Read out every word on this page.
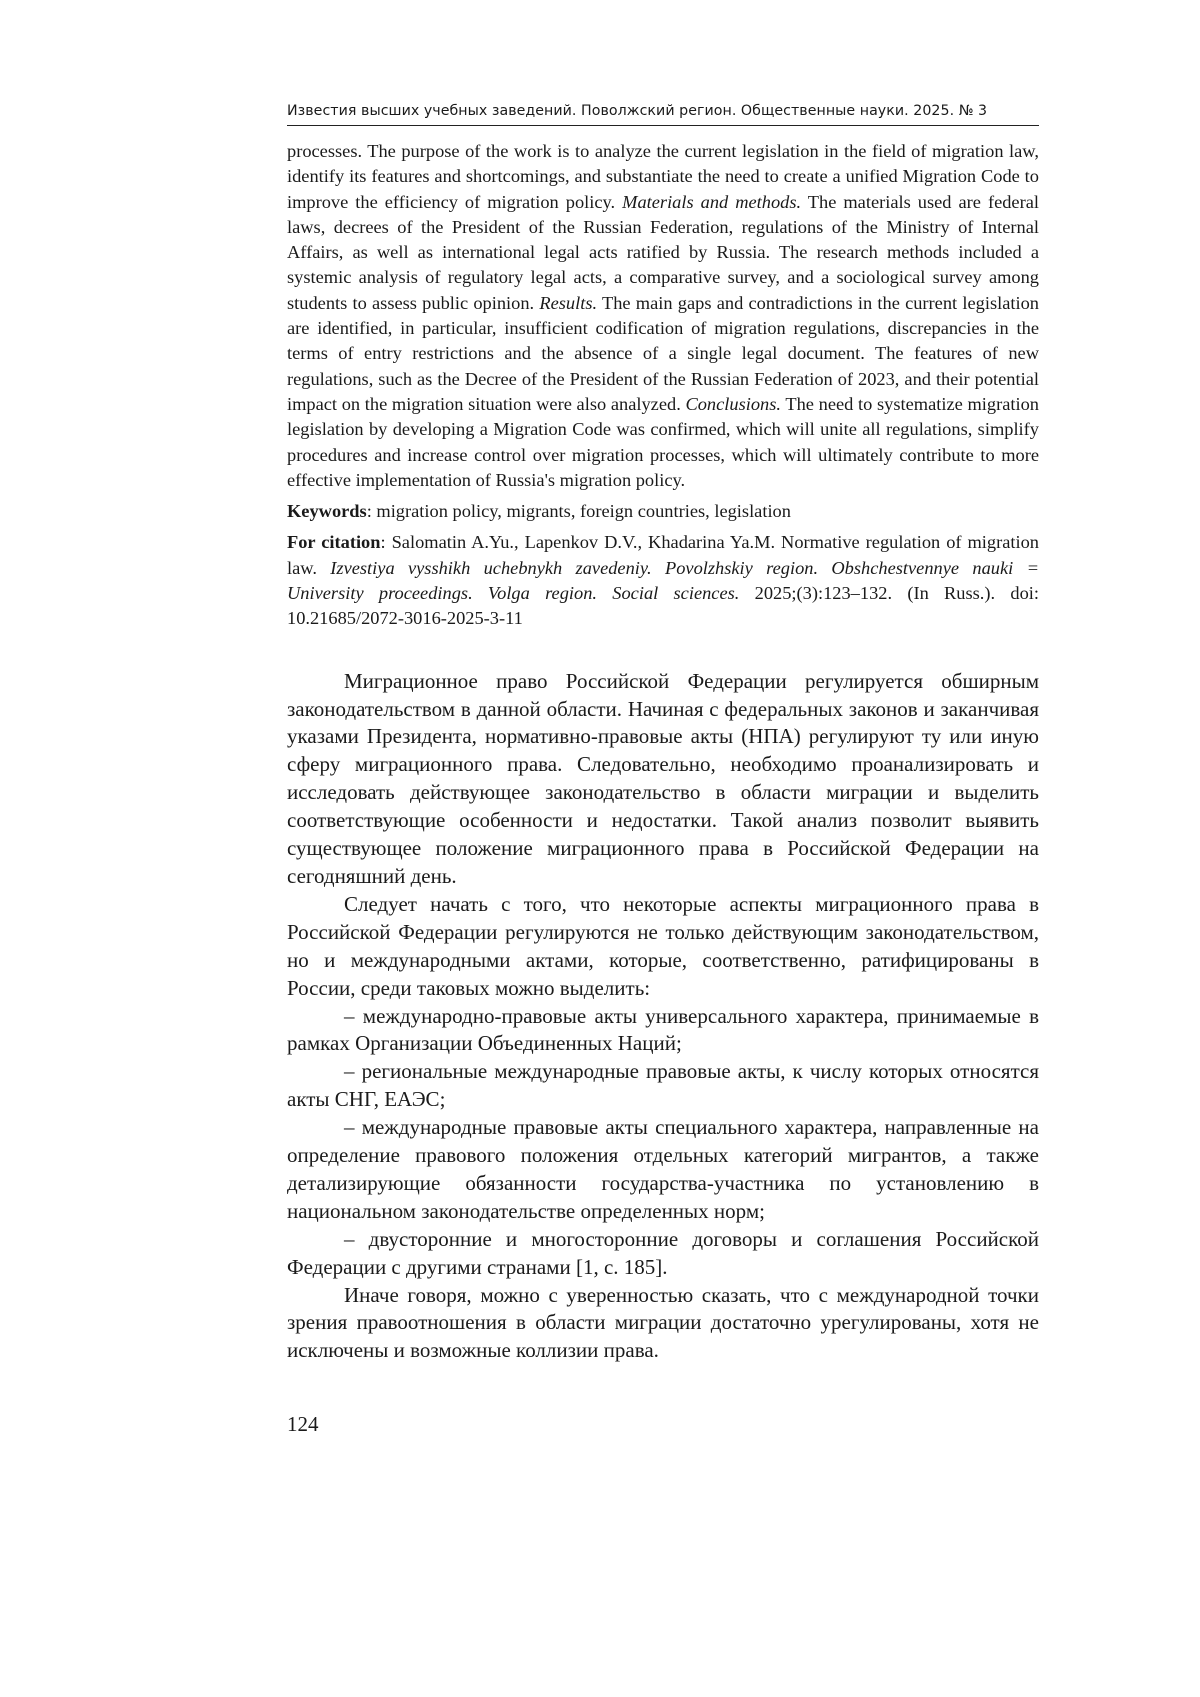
Известия высших учебных заведений. Поволжский регион. Общественные науки. 2025. № 3

processes. The purpose of the work is to analyze the current legislation in the field of migration law, identify its features and shortcomings, and substantiate the need to create a unified Migration Code to improve the efficiency of migration policy. Materials and methods. The materials used are federal laws, decrees of the President of the Russian Federation, regulations of the Ministry of Internal Affairs, as well as international legal acts ratified by Russia. The research methods included a systemic analysis of regulatory legal acts, a comparative survey, and a sociological survey among students to assess public opinion. Results. The main gaps and contradictions in the current legislation are identified, in particular, insufficient codification of migration regulations, discrepancies in the terms of entry restrictions and the absence of a single legal document. The features of new regulations, such as the Decree of the President of the Russian Federation of 2023, and their potential impact on the migration situation were also analyzed. Conclusions. The need to systematize migration legislation by developing a Migration Code was confirmed, which will unite all regulations, simplify procedures and increase control over migration processes, which will ultimately contribute to more effective implementation of Russia's migration policy.

Keywords: migration policy, migrants, foreign countries, legislation
For citation: Salomatin A.Yu., Lapenkov D.V., Khadarina Ya.M. Normative regulation of migration law. Izvestiya vysshikh uchebnykh zavedeniy. Povolzhskiy region. Obshchestvennye nauki = University proceedings. Volga region. Social sciences. 2025;(3):123–132. (In Russ.). doi: 10.21685/2072-3016-2025-3-11

Миграционное право Российской Федерации регулируется обширным законодательством в данной области. Начиная с федеральных законов и заканчивая указами Президента, нормативно-правовые акты (НПА) регулируют ту или иную сферу миграционного права. Следовательно, необходимо проанализировать и исследовать действующее законодательство в области миграции и выделить соответствующие особенности и недостатки. Такой анализ позволит выявить существующее положение миграционного права в Российской Федерации на сегодняшний день.

Следует начать с того, что некоторые аспекты миграционного права в Российской Федерации регулируются не только действующим законодательством, но и международными актами, которые, соответственно, ратифицированы в России, среди таковых можно выделить:

– международно-правовые акты универсального характера, принимаемые в рамках Организации Объединенных Наций;

– региональные международные правовые акты, к числу которых относятся акты СНГ, ЕАЭС;

– международные правовые акты специального характера, направленные на определение правового положения отдельных категорий мигрантов, а также детализирующие обязанности государства-участника по установлению в национальном законодательстве определенных норм;

– двусторонние и многосторонние договоры и соглашения Российской Федерации с другими странами [1, с. 185].

Иначе говоря, можно с уверенностью сказать, что с международной точки зрения правоотношения в области миграции достаточно урегулированы, хотя не исключены и возможные коллизии права.

124
